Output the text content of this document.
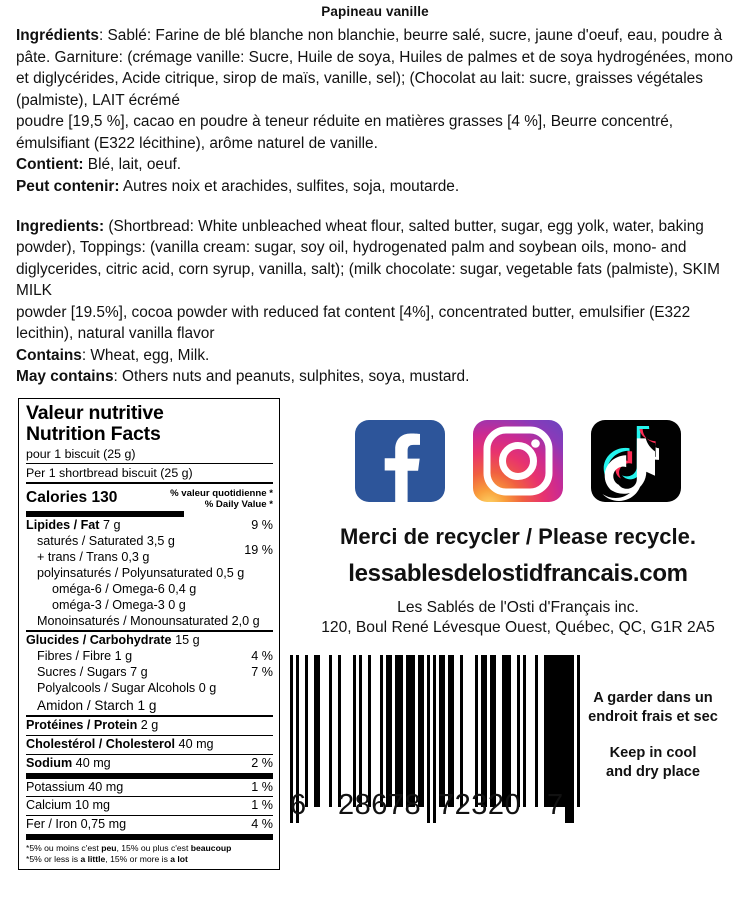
Papineau vanille

Ingrédients: Sablé: Farine de blé blanche non blanchie, beurre salé, sucre, jaune d'oeuf, eau, poudre à pâte. Garniture: (crémage vanille: Sucre, Huile de soya, Huiles de palmes et de soya hydrogénées, mono et diglycérides, Acide citrique, sirop de maïs, vanille, sel); (Chocolat au lait: sucre, graisses végétales (palmiste), LAIT écrémé

poudre [19,5 %], cacao en poudre à teneur réduite en matières grasses [4 %], Beurre concentré, émulsifiant (E322 lécithine), arôme naturel de vanille.

Contient: Blé, lait, oeuf.

Peut contenir: Autres noix et arachides, sulfites, soja, moutarde.

Ingredients: (Shortbread: White unbleached wheat flour, salted butter, sugar, egg yolk, water, baking powder), Toppings: (vanilla cream: sugar, soy oil, hydrogenated palm and soybean oils, mono- and diglycerides, citric acid, corn syrup, vanilla, salt); (milk chocolate: sugar, vegetable fats (palmiste), SKIM MILK

powder [19.5%], cocoa powder with reduced fat content [4%], concentrated butter, emulsifier (E322 lecithin), natural vanilla flavor

Contains: Wheat, egg, Milk.

May contains: Others nuts and peanuts, sulphites, soya, mustard.

Valeur nutritive
Nutrition Facts
pour 1 biscuit (25 g)
Per 1 shortbread biscuit (25 g)
Calories 130	% valeur quotidienne *
% Daily Value *
Lipides / Fat 7 g	9 %
saturés / Saturated 3,5 g
+ trans / Trans 0,3 g	19 %
polyinsaturés / Polyunsaturated 0,5 g
oméga-6 / Omega-6 0,4 g
oméga-3 / Omega-3 0 g
Monoinsaturés / Monounsaturated 2,0 g
Glucides / Carbohydrate 15 g
Fibres / Fibre 1 g	4 %
Sucres / Sugars 7 g	7 %
Polyalcools / Sugar Alcohols 0 g
Amidon / Starch 1 g
Protéines / Protein 2 g
Cholestérol / Cholesterol 40 mg
Sodium 40 mg	2 %
Potassium 40 mg	1 %
Calcium 10 mg	1 %
Fer / Iron 0,75 mg	4 %
*5% ou moins c'est peu, 15% ou plus c'est beaucoup
*5% or less is a little, 15% or more is a lot
Merci de recycler / Please recycle.
lessablesdelostidfrancais.com
Les Sablés de l'Osti d'Français inc.
120, Boul René Lévesque Ouest, Québec, QC, G1R 2A5
6 28678 72320 7
A garder dans un
endroit frais et sec
Keep in cool
and dry place
